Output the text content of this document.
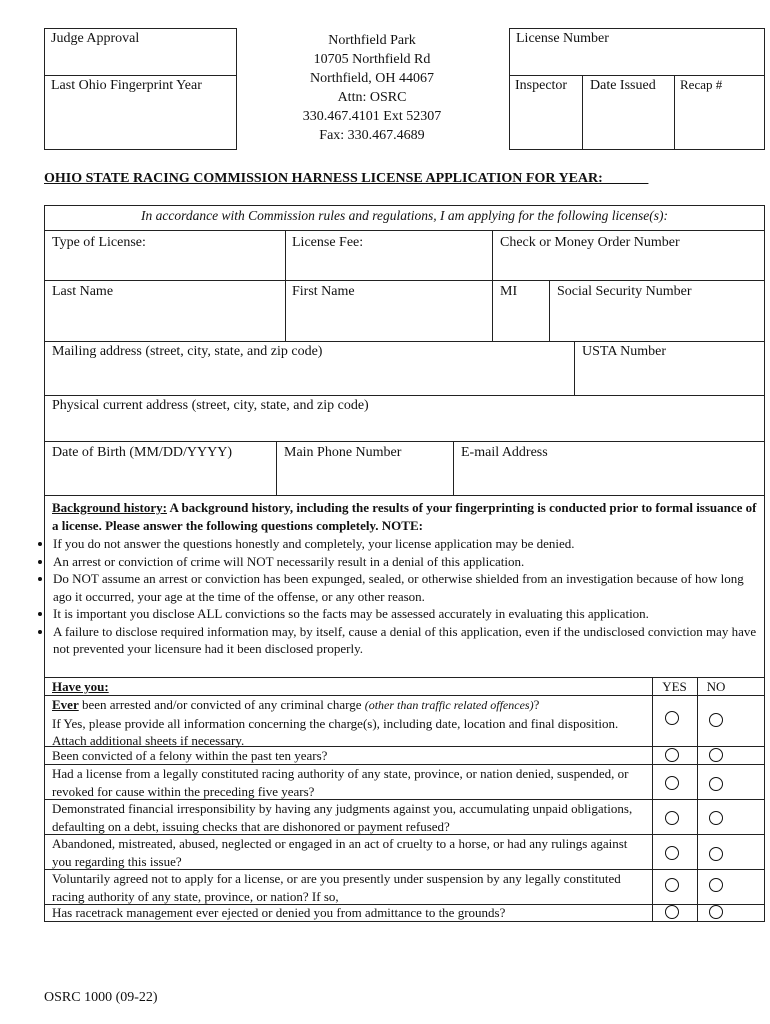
Judge Approval
Last Ohio Fingerprint Year
Northfield Park
10705 Northfield Rd
Northfield, OH 44067
Attn: OSRC
330.467.4101 Ext 52307
Fax: 330.467.4689
License Number
Inspector Date Issued Recap #
OHIO STATE RACING COMMISSION HARNESS LICENSE APPLICATION FOR YEAR: ______
In accordance with Commission rules and regulations, I am applying for the following license(s):
Type of License:	License Fee:	Check or Money Order Number
Last Name	First Name	MI	Social Security Number
Mailing address (street, city, state, and zip code)	USTA Number
Physical current address (street, city, state, and zip code)
Date of Birth (MM/DD/YYYY)	Main Phone Number	E-mail Address
Background history: A background history, including the results of your fingerprinting is conducted prior to formal issuance of a license. Please answer the following questions completely. NOTE:
• If you do not answer the questions honestly and completely, your license application may be denied.
• An arrest or conviction of crime will NOT necessarily result in a denial of this application.
• Do NOT assume an arrest or conviction has been expunged, sealed, or otherwise shielded from an investigation because of how long ago it occurred, your age at the time of the offense, or any other reason.
• It is important you disclose ALL convictions so the facts may be assessed accurately in evaluating this application.
• A failure to disclose required information may, by itself, cause a denial of this application, even if the undisclosed conviction may have not prevented your licensure had it been disclosed properly.
Have you:	YES	NO
Ever been arrested and/or convicted of any criminal charge (other than traffic related offences)?
If Yes, please provide all information concerning the charge(s), including date, location and final disposition. Attach additional sheets if necessary.
Been convicted of a felony within the past ten years?
Had a license from a legally constituted racing authority of any state, province, or nation denied, suspended, or revoked for cause within the preceding five years?
Demonstrated financial irresponsibility by having any judgments against you, accumulating unpaid obligations, defaulting on a debt, issuing checks that are dishonored or payment refused?
Abandoned, mistreated, abused, neglected or engaged in an act of cruelty to a horse, or had any rulings against you regarding this issue?
Voluntarily agreed not to apply for a license, or are you presently under suspension by any legally constituted racing authority of any state, province, or nation? If so,
Has racetrack management ever ejected or denied you from admittance to the grounds?
OSRC 1000 (09-22)
